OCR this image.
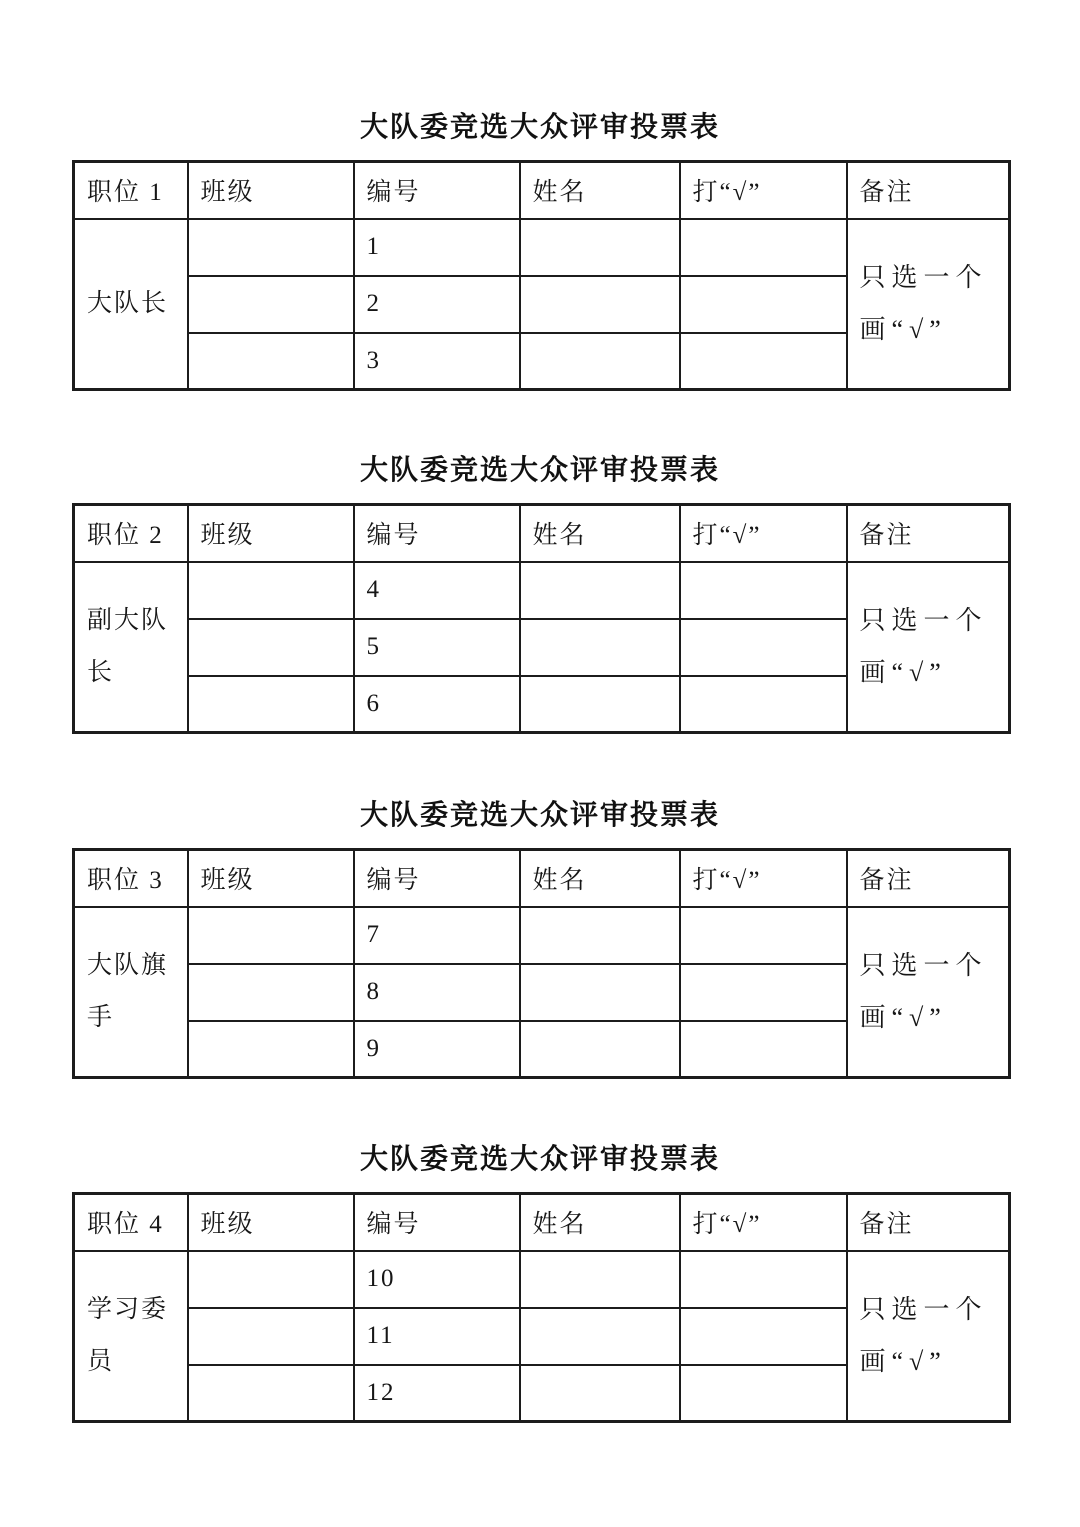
大队委竞选大众评审投票表
职位 1	班级	编号	姓名	打“√”	备注
大队长		1			只选一个
画“√”

		2			
		3			
大队委竞选大众评审投票表
职位 2	班级	编号	姓名	打“√”	备注
副大队长		4			只选一个
画“√”

		5			
		6			
大队委竞选大众评审投票表
职位 3	班级	编号	姓名	打“√”	备注
大队旗手		7			只选一个
画“√”

		8			
		9			
大队委竞选大众评审投票表
职位 4	班级	编号	姓名	打“√”	备注
学习委员		10			只选一个
画“√”

		11			
		12			
